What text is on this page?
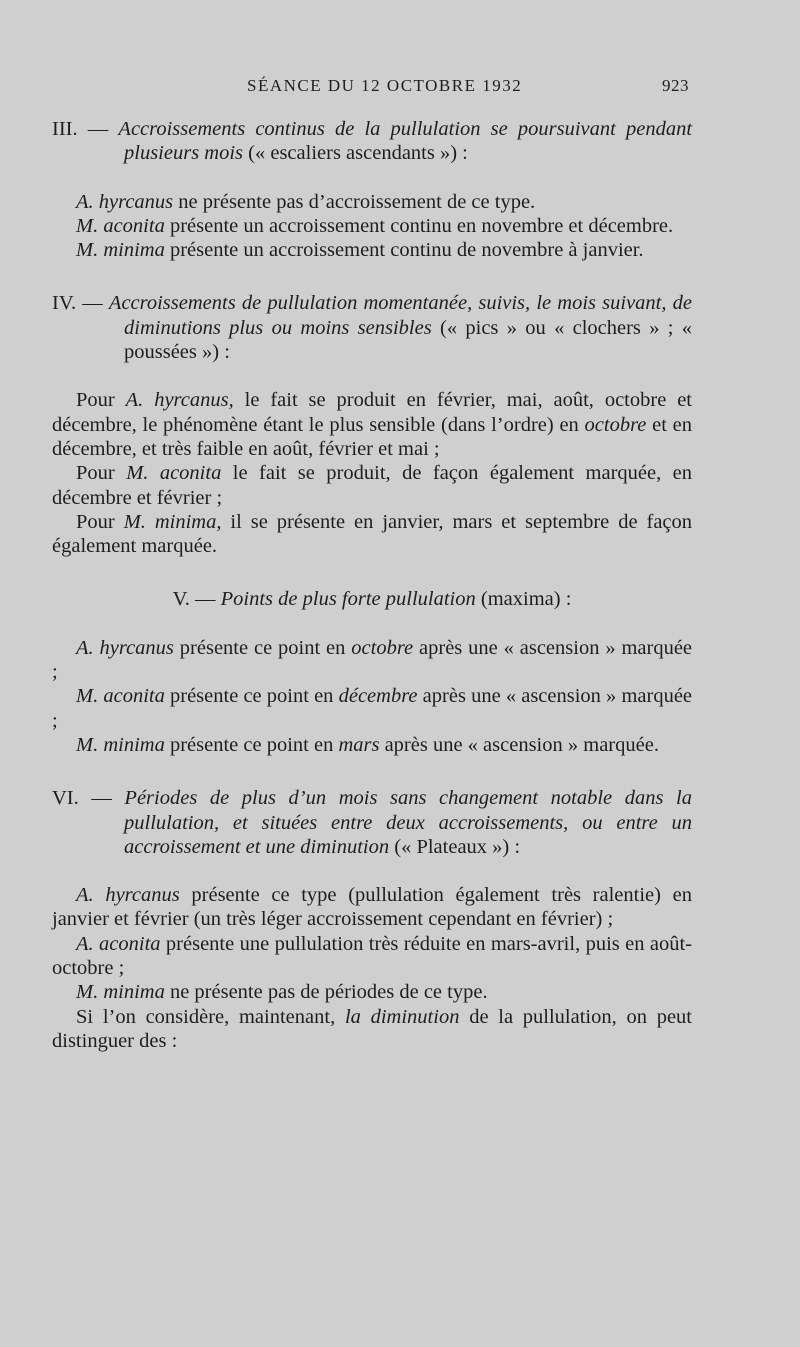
SÉANCE DU 12 OCTOBRE 1932	923

III. — Accroissements continus de la pullulation se poursuivant pendant plusieurs mois (« escaliers ascendants ») :

A. hyrcanus ne présente pas d’accroissement de ce type.

M. aconita présente un accroissement continu en novembre et décembre.

M. minima présente un accroissement continu de novembre à janvier.

IV. — Accroissements de pullulation momentanée, suivis, le mois suivant, de diminutions plus ou moins sensibles (« pics » ou « clochers » ; « poussées ») :

Pour A. hyrcanus, le fait se produit en février, mai, août, octobre et décembre, le phénomène étant le plus sensible (dans l’ordre) en octobre et en décembre, et très faible en août, février et mai ;

Pour M. aconita le fait se produit, de façon également marquée, en décembre et février ;

Pour M. minima, il se présente en janvier, mars et septembre de façon également marquée.

V. — Points de plus forte pullulation (maxima) :

A. hyrcanus présente ce point en octobre après une « ascension » marquée ;

M. aconita présente ce point en décembre après une « ascension » marquée ;

M. minima présente ce point en mars après une « ascension » marquée.

VI. — Périodes de plus d’un mois sans changement notable dans la pullulation, et situées entre deux accroissements, ou entre un accroissement et une diminution (« Plateaux ») :

A. hyrcanus présente ce type (pullulation également très ralentie) en janvier et février (un très léger accroissement cependant en février) ;

A. aconita présente une pullulation très réduite en mars-avril, puis en août-octobre ;

M. minima ne présente pas de périodes de ce type.

Si l’on considère, maintenant, la diminution de la pullulation, on peut distinguer des :
